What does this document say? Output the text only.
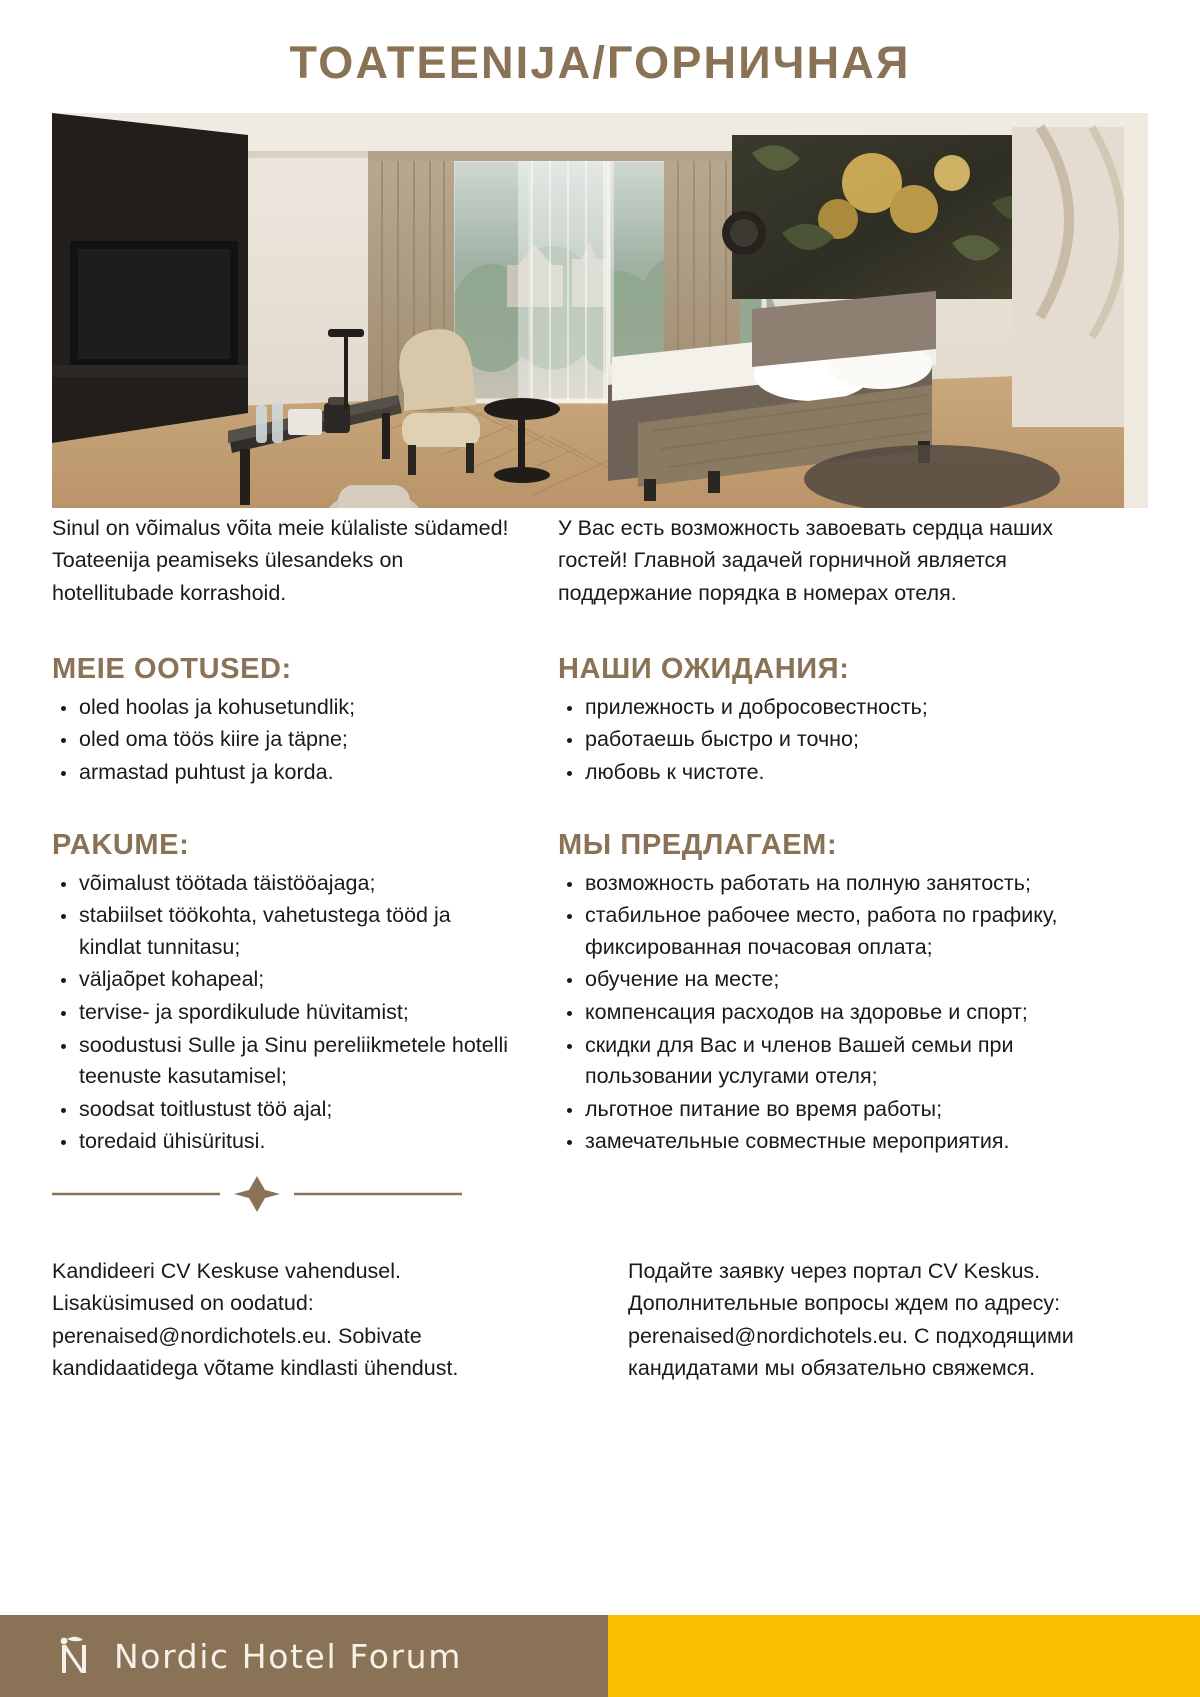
TOATEENIJA/ГОРНИЧНАЯ

Sinul on võimalus võita meie külaliste südamed! Toateenija peamiseks ülesandeks on hotellitubade korrashoid.

MEIE OOTUSED:
oled hoolas ja kohusetundlik;
oled oma töös kiire ja täpne;
armastad puhtust ja korda.
PAKUME:
võimalust töötada täistööajaga;
stabiilset töökohta, vahetustega tööd ja kindlat tunnitasu;
väljaõpet kohapeal;
tervise- ja spordikulude hüvitamist;
soodustusi Sulle ja Sinu pereliikmetele hotelli teenuste kasutamisel;
soodsat toitlustust töö ajal;
toredaid ühisüritusi.

У Вас есть возможность завоевать сердца наших гостей! Главной задачей горничной является поддержание порядка в номерах отеля.

НАШИ ОЖИДАНИЯ:
прилежность и добросовестность;
работаешь быстро и точно;
любовь к чистоте.
МЫ ПРЕДЛАГАЕМ:
возможность работать на полную занятость;
стабильное рабочее место, работа по графику, фиксированная почасовая оплата;
обучение на месте;
компенсация расходов на здоровье и спорт;
скидки для Вас и членов Вашей семьи при пользовании услугами отеля;
льготное питание во время работы;
замечательные совместные мероприятия.

Kandideeri CV Keskuse vahendusel. Lisaküsimused on oodatud: perenaised@nordichotels.eu. Sobivate kandidaatidega võtame kindlasti ühendust.

Подайте заявку через портал CV Keskus. Дополнительные вопросы ждем по адресу: perenaised@nordichotels.eu. С подходящими кандидатами мы обязательно свяжемся.

Nordic Hotel Forum
